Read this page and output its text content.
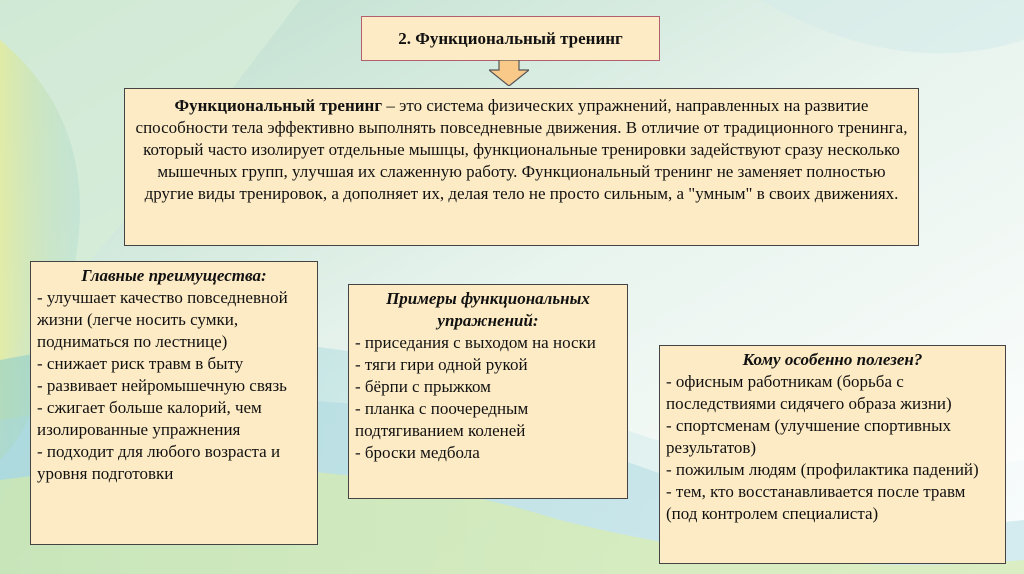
2. Функциональный тренинг
Функциональный тренинг – это система физических упражнений, направленных на развитие способности тела эффективно выполнять повседневные движения. В отличие от традиционного тренинга, который часто изолирует отдельные мышцы, функциональные тренировки задействуют сразу несколько мышечных групп, улучшая их слаженную работу. Функциональный тренинг не заменяет полностью другие виды тренировок, а дополняет их, делая тело не просто сильным, а "умным" в своих движениях.
Главные преимущества:
- улучшает качество повседневной жизни (легче носить сумки, подниматься по лестнице)
- снижает риск травм в быту
- развивает нейромышечную связь
- сжигает больше калорий, чем изолированные упражнения
- подходит для любого возраста и уровня подготовки
Примеры функциональных упражнений:
- приседания с выходом на носки
- тяги гири одной рукой
- бёрпи с прыжком
- планка с поочередным подтягиванием коленей
- броски медбола
Кому особенно полезен?
- офисным работникам (борьба с последствиями сидячего образа жизни)
- спортсменам (улучшение спортивных результатов)
- пожилым людям (профилактика падений)
- тем, кто восстанавливается после травм (под контролем специалиста)
